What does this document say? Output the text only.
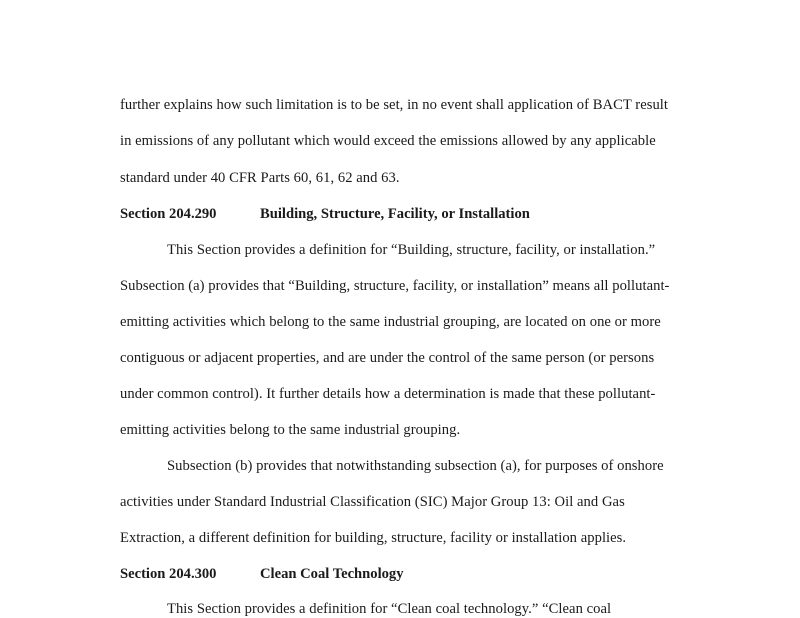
further explains how such limitation is to be set, in no event shall application of BACT result
in emissions of any pollutant which would exceed the emissions allowed by any applicable
standard under 40 CFR Parts 60, 61, 62 and 63.
Section 204.290	Building, Structure, Facility, or Installation
This Section provides a definition for “Building, structure, facility, or installation.”
Subsection (a) provides that “Building, structure, facility, or installation” means all pollutant-
emitting activities which belong to the same industrial grouping, are located on one or more
contiguous or adjacent properties, and are under the control of the same person (or persons
under common control). It further details how a determination is made that these pollutant-
emitting activities belong to the same industrial grouping.
Subsection (b) provides that notwithstanding subsection (a), for purposes of onshore
activities under Standard Industrial Classification (SIC) Major Group 13: Oil and Gas
Extraction, a different definition for building, structure, facility or installation applies.
Section 204.300	Clean Coal Technology
This Section provides a definition for “Clean coal technology.” “Clean coal
